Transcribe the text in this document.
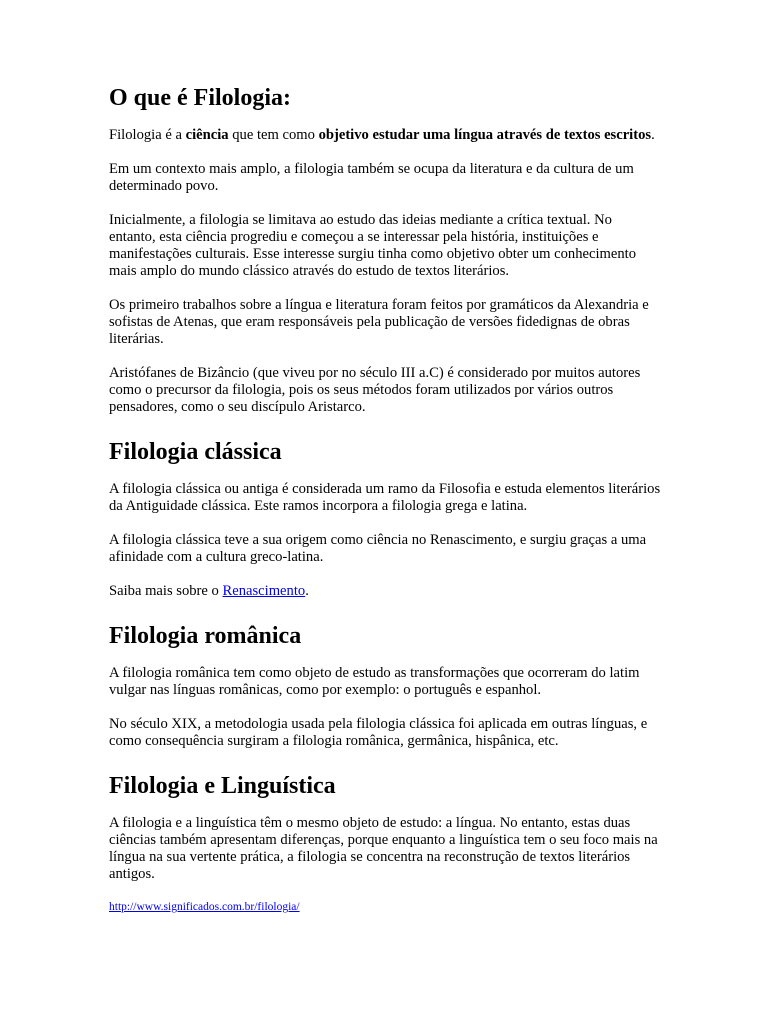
O que é Filologia:

Filologia é a ciência que tem como objetivo estudar uma língua através de textos escritos.

Em um contexto mais amplo, a filologia também se ocupa da literatura e da cultura de um determinado povo.

Inicialmente, a filologia se limitava ao estudo das ideias mediante a crítica textual. No entanto, esta ciência progrediu e começou a se interessar pela história, instituições e manifestações culturais. Esse interesse surgiu tinha como objetivo obter um conhecimento mais amplo do mundo clássico através do estudo de textos literários.

Os primeiro trabalhos sobre a língua e literatura foram feitos por gramáticos da Alexandria e sofistas de Atenas, que eram responsáveis pela publicação de versões fidedignas de obras literárias.

Aristófanes de Bizâncio (que viveu por no século III a.C) é considerado por muitos autores como o precursor da filologia, pois os seus métodos foram utilizados por vários outros pensadores, como o seu discípulo Aristarco.

Filologia clássica

A filologia clássica ou antiga é considerada um ramo da Filosofia e estuda elementos literários da Antiguidade clássica. Este ramos incorpora a filologia grega e latina.

A filologia clássica teve a sua origem como ciência no Renascimento, e surgiu graças a uma afinidade com a cultura greco-latina.

Saiba mais sobre o Renascimento.

Filologia românica

A filologia românica tem como objeto de estudo as transformações que ocorreram do latim vulgar nas línguas românicas, como por exemplo: o português e espanhol.

No século XIX, a metodologia usada pela filologia clássica foi aplicada em outras línguas, e como consequência surgiram a filologia românica, germânica, hispânica, etc.

Filologia e Linguística

A filologia e a linguística têm o mesmo objeto de estudo: a língua. No entanto, estas duas ciências também apresentam diferenças, porque enquanto a linguística tem o seu foco mais na língua na sua vertente prática, a filologia se concentra na reconstrução de textos literários antigos.

http://www.significados.com.br/filologia/
